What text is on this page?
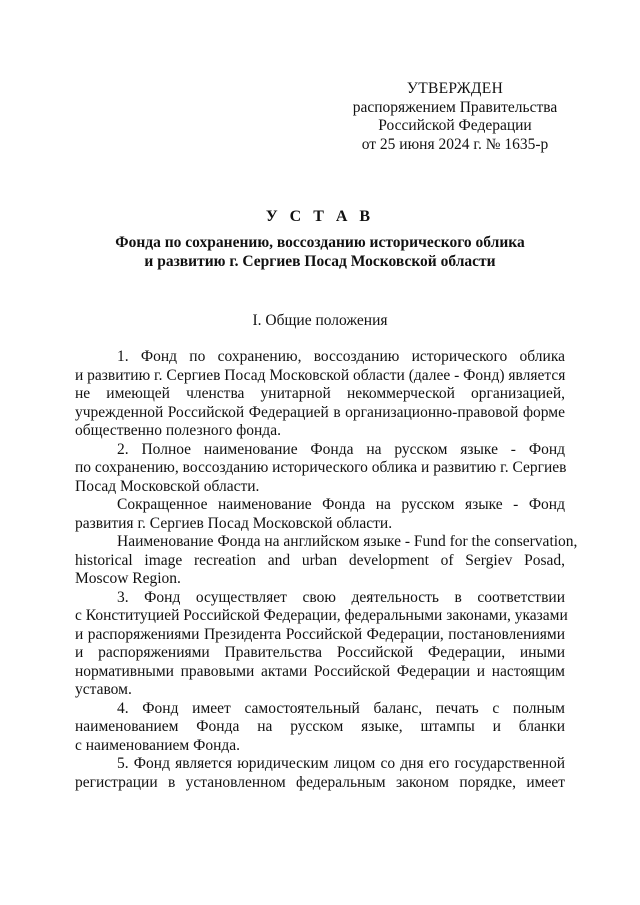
УТВЕРЖДЕН
распоряжением Правительства
Российской Федерации
от 25 июня 2024 г. № 1635-р
У С Т А В
Фонда по сохранению, воссозданию исторического облика
и развитию г. Сергиев Посад Московской области
I. Общие положения
1. Фонд по сохранению, воссозданию исторического облика
и развитию г. Сергиев Посад Московской области (далее - Фонд) является
не имеющей членства унитарной некоммерческой организацией,
учрежденной Российской Федерацией в организационно-правовой форме
общественно полезного фонда.
2. Полное наименование Фонда на русском языке - Фонд
по сохранению, воссозданию исторического облика и развитию г. Сергиев
Посад Московской области.
Сокращенное наименование Фонда на русском языке - Фонд
развития г. Сергиев Посад Московской области.
Наименование Фонда на английском языке - Fund for the conservation,
historical image recreation and urban development of Sergiev Posad,
Moscow Region.
3. Фонд осуществляет свою деятельность в соответствии
с Конституцией Российской Федерации, федеральными законами, указами
и распоряжениями Президента Российской Федерации, постановлениями
и распоряжениями Правительства Российской Федерации, иными
нормативными правовыми актами Российской Федерации и настоящим
уставом.
4. Фонд имеет самостоятельный баланс, печать с полным
наименованием Фонда на русском языке, штампы и бланки
с наименованием Фонда.
5. Фонд является юридическим лицом со дня его государственной
регистрации в установленном федеральным законом порядке, имеет
